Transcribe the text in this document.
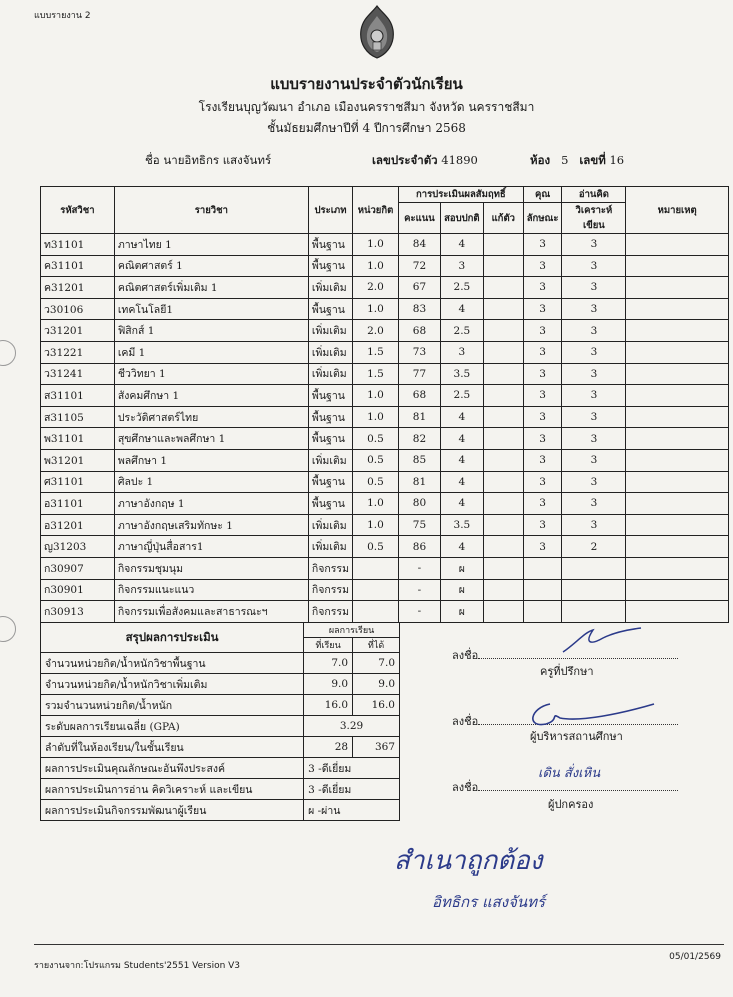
แบบรายงาน 2
แบบรายงานประจำตัวนักเรียน
โรงเรียนบุญวัฒนา อำเภอ เมืองนครราชสีมา จังหวัด นครราชสีมา
ชั้นมัธยมศึกษาปีที่ 4 ปีการศึกษา 2568
ชื่อ นายอิทธิกร แสงจันทร์	เลขประจำตัว 41890	ห้อง 5 เลขที่ 16
รหัสวิชา	รายวิชา	ประเภท	หน่วยกิต	การประเมินผลสัมฤทธิ์			คุณ	อ่านคิด	หมายเหตุ
				คะแนน	สอบปกติ	แก้ตัว	ลักษณะ	วิเคราะห์เขียน	
ท31101	ภาษาไทย 1	พื้นฐาน	1.0	84	4		3	3	
ค31101	คณิตศาสตร์ 1	พื้นฐาน	1.0	72	3		3	3	
ค31201	คณิตศาสตร์เพิ่มเติม 1	เพิ่มเติม	2.0	67	2.5		3	3	
ว30106	เทคโนโลยี1	พื้นฐาน	1.0	83	4		3	3	
ว31201	ฟิสิกส์ 1	เพิ่มเติม	2.0	68	2.5		3	3	
ว31221	เคมี 1	เพิ่มเติม	1.5	73	3		3	3	
ว31241	ชีววิทยา 1	เพิ่มเติม	1.5	77	3.5		3	3	
ส31101	สังคมศึกษา 1	พื้นฐาน	1.0	68	2.5		3	3	
ส31105	ประวัติศาสตร์ไทย	พื้นฐาน	1.0	81	4		3	3	
พ31101	สุขศึกษาและพลศึกษา 1	พื้นฐาน	0.5	82	4		3	3	
พ31201	พลศึกษา 1	เพิ่มเติม	0.5	85	4		3	3	
ศ31101	ศิลปะ 1	พื้นฐาน	0.5	81	4		3	3	
อ31101	ภาษาอังกฤษ 1	พื้นฐาน	1.0	80	4		3	3	
อ31201	ภาษาอังกฤษเสริมทักษะ 1	เพิ่มเติม	1.0	75	3.5		3	3	
ญ31203	ภาษาญี่ปุ่นสื่อสาร1	เพิ่มเติม	0.5	86	4		3	2	
ก30907	กิจกรรมชุมนุม	กิจกรรม		-	ผ				
ก30901	กิจกรรมแนะแนว	กิจกรรม		-	ผ				
ก30913	กิจกรรมเพื่อสังคมและสาธารณะฯ	กิจกรรม		-	ผ				
สรุปผลการประเมิน	ผลการเรียน	
	ที่เรียน	ที่ได้
จำนวนหน่วยกิต/น้ำหนักวิชาพื้นฐาน	7.0	7.0
จำนวนหน่วยกิต/น้ำหนักวิชาเพิ่มเติม	9.0	9.0
รวมจำนวนหน่วยกิต/น้ำหนัก	16.0	16.0
ระดับผลการเรียนเฉลี่ย (GPA)	3.29	
ลำดับที่ในห้องเรียน/ในชั้นเรียน	28	367
ผลการประเมินคุณลักษณะอันพึงประสงค์	3 -ดีเยี่ยม	
ผลการประเมินการอ่าน คิดวิเคราะห์ และเขียน	3 -ดีเยี่ยม	
ผลการประเมินกิจกรรมพัฒนาผู้เรียน	ผ -ผ่าน	
ลงชื่อ
ครูที่ปรึกษา
ลงชื่อ
ผู้บริหารสถานศึกษา
ลงชื่อ
เดิน สั่งเหิน
ผู้ปกครอง
สำเนาถูกต้อง
อิทธิกร แสงจันทร์
รายงานจาก:โปรแกรม Students'2551 Version V3
05/01/2569
